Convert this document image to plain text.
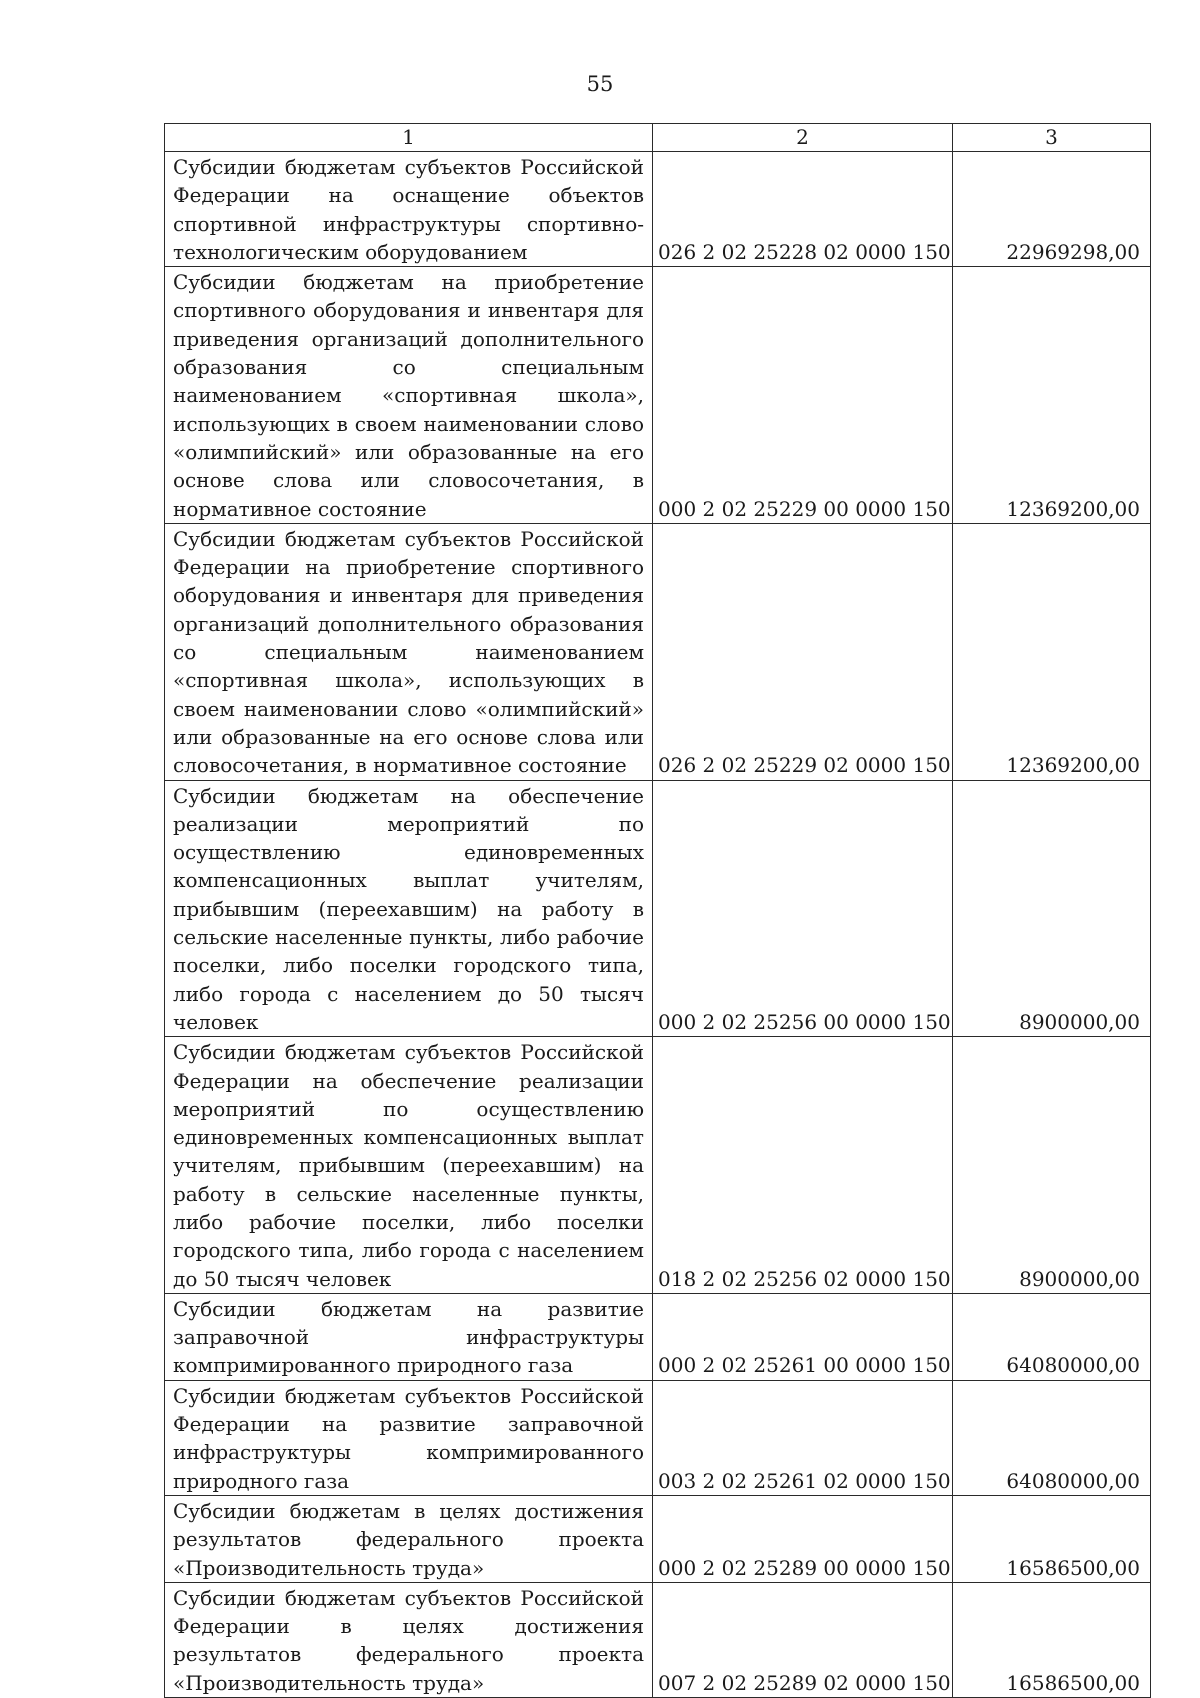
55
1	2	3
Субсидии бюджетам субъектов Российской Федерации на оснащение объектов спортивной инфраструктуры спортивно-технологическим оборудованием	026 2 02 25228 02 0000 150	22969298,00
Субсидии бюджетам на приобретение спортивного оборудования и инвентаря для приведения организаций дополнительного образования со специальным наименованием «спортивная школа», использующих в своем наименовании слово «олимпийский» или образованные на его основе слова или словосочетания, в нормативное состояние	000 2 02 25229 00 0000 150	12369200,00
Субсидии бюджетам субъектов Российской Федерации на приобретение спортивного оборудования и инвентаря для приведения организаций дополнительного образования со специальным наименованием «спортивная школа», использующих в своем наименовании слово «олимпийский» или образованные на его основе слова или словосочетания, в нормативное состояние	026 2 02 25229 02 0000 150	12369200,00
Субсидии бюджетам на обеспечение реализации мероприятий по осуществлению единовременных компенсационных выплат учителям, прибывшим (переехавшим) на работу в сельские населенные пункты, либо рабочие поселки, либо поселки городского типа, либо города с населением до 50 тысяч человек	000 2 02 25256 00 0000 150	8900000,00
Субсидии бюджетам субъектов Российской Федерации на обеспечение реализации мероприятий по осуществлению единовременных компенсационных выплат учителям, прибывшим (переехавшим) на работу в сельские населенные пункты, либо рабочие поселки, либо поселки городского типа, либо города с населением до 50 тысяч человек	018 2 02 25256 02 0000 150	8900000,00
Субсидии бюджетам на развитие заправочной инфраструктуры компримированного природного газа	000 2 02 25261 00 0000 150	64080000,00
Субсидии бюджетам субъектов Российской Федерации на развитие заправочной инфраструктуры компримированного природного газа	003 2 02 25261 02 0000 150	64080000,00
Субсидии бюджетам в целях достижения результатов федерального проекта «Производительность труда»	000 2 02 25289 00 0000 150	16586500,00
Субсидии бюджетам субъектов Российской Федерации в целях достижения результатов федерального проекта «Производительность труда»	007 2 02 25289 02 0000 150	16586500,00
